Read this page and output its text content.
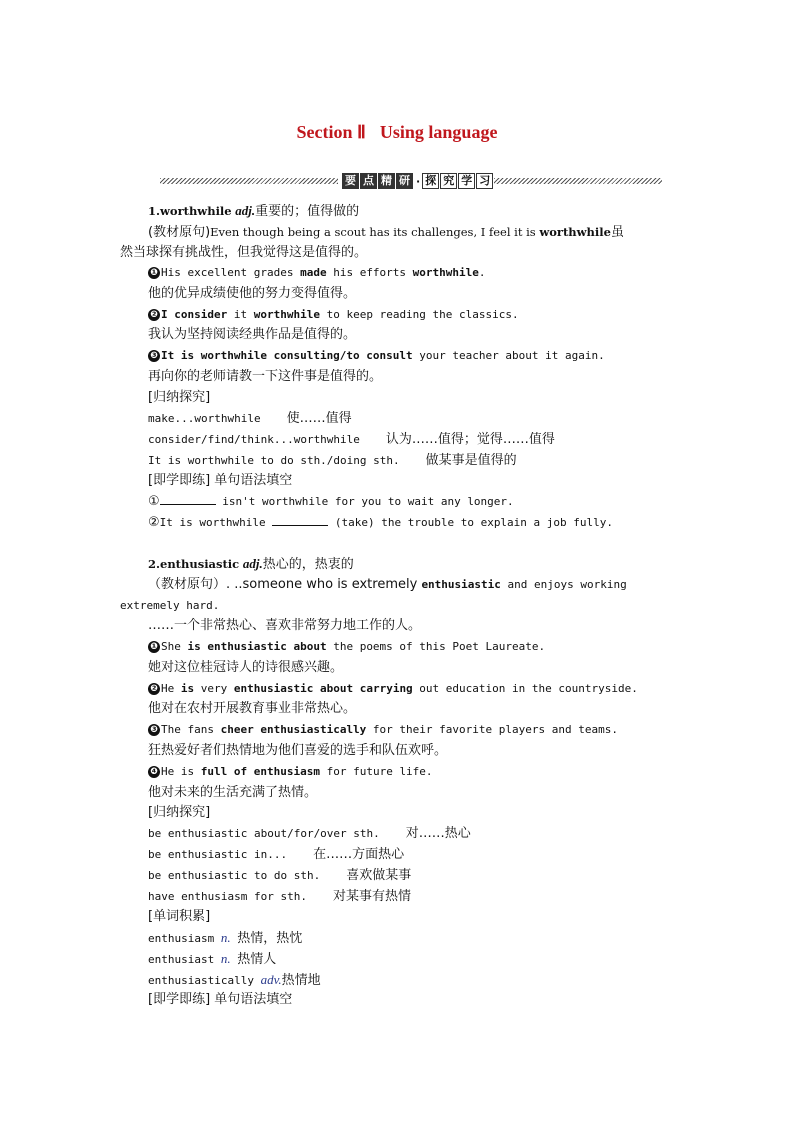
Section Ⅱ Using language
要 点 精 研 · 探 究 学 习
1.worthwhile adj.重要的；值得做的
(教材原句)Even though being a scout has its challenges, I feel it is worthwhile虽
然当球探有挑战性，但我觉得这是值得的。
❶ His excellent grades made his efforts worthwhile.
他的优异成绩使他的努力变得值得。
❷ I consider it worthwhile to keep reading the classics.
我认为坚持阅读经典作品是值得的。
❸ It is worthwhile consulting/to consult your teacher about it again.
再向你的老师请教一下这件事是值得的。
[归纳探究]
make...worthwhile 使……值得
consider/find/think...worthwhile 认为……值得；觉得……值得
It is worthwhile to do sth./doing sth. 做某事是值得的
[即学即练] 单句语法填空
①	isn't worthwhile for you to wait any longer.
②It is worthwhile	(take) the trouble to explain a job fully.
2.enthusiastic adj.热心的，热衷的
（教材原句）. ..someone who is extremely enthusiastic and enjoys working
extremely hard.
……一个非常热心、喜欢非常努力地工作的人。
❶ She is enthusiastic about the poems of this Poet Laureate.
她对这位桂冠诗人的诗很感兴趣。
❷ He is very enthusiastic about carrying out education in the countryside.
他对在农村开展教育事业非常热心。
❸ The fans cheer enthusiastically for their favorite players and teams.
狂热爱好者们热情地为他们喜爱的选手和队伍欢呼。
❹ He is full of enthusiasm for future life.
他对未来的生活充满了热情。
[归纳探究]
be enthusiastic about/for/over sth. 对……热心
be enthusiastic in... 在……方面热心
be enthusiastic to do sth. 喜欢做某事
have enthusiasm for sth. 对某事有热情
[单词积累]
enthusiasm n. 热情，热忱
enthusiast n. 热情人
enthusiastically adv.热情地
[即学即练] 单句语法填空
